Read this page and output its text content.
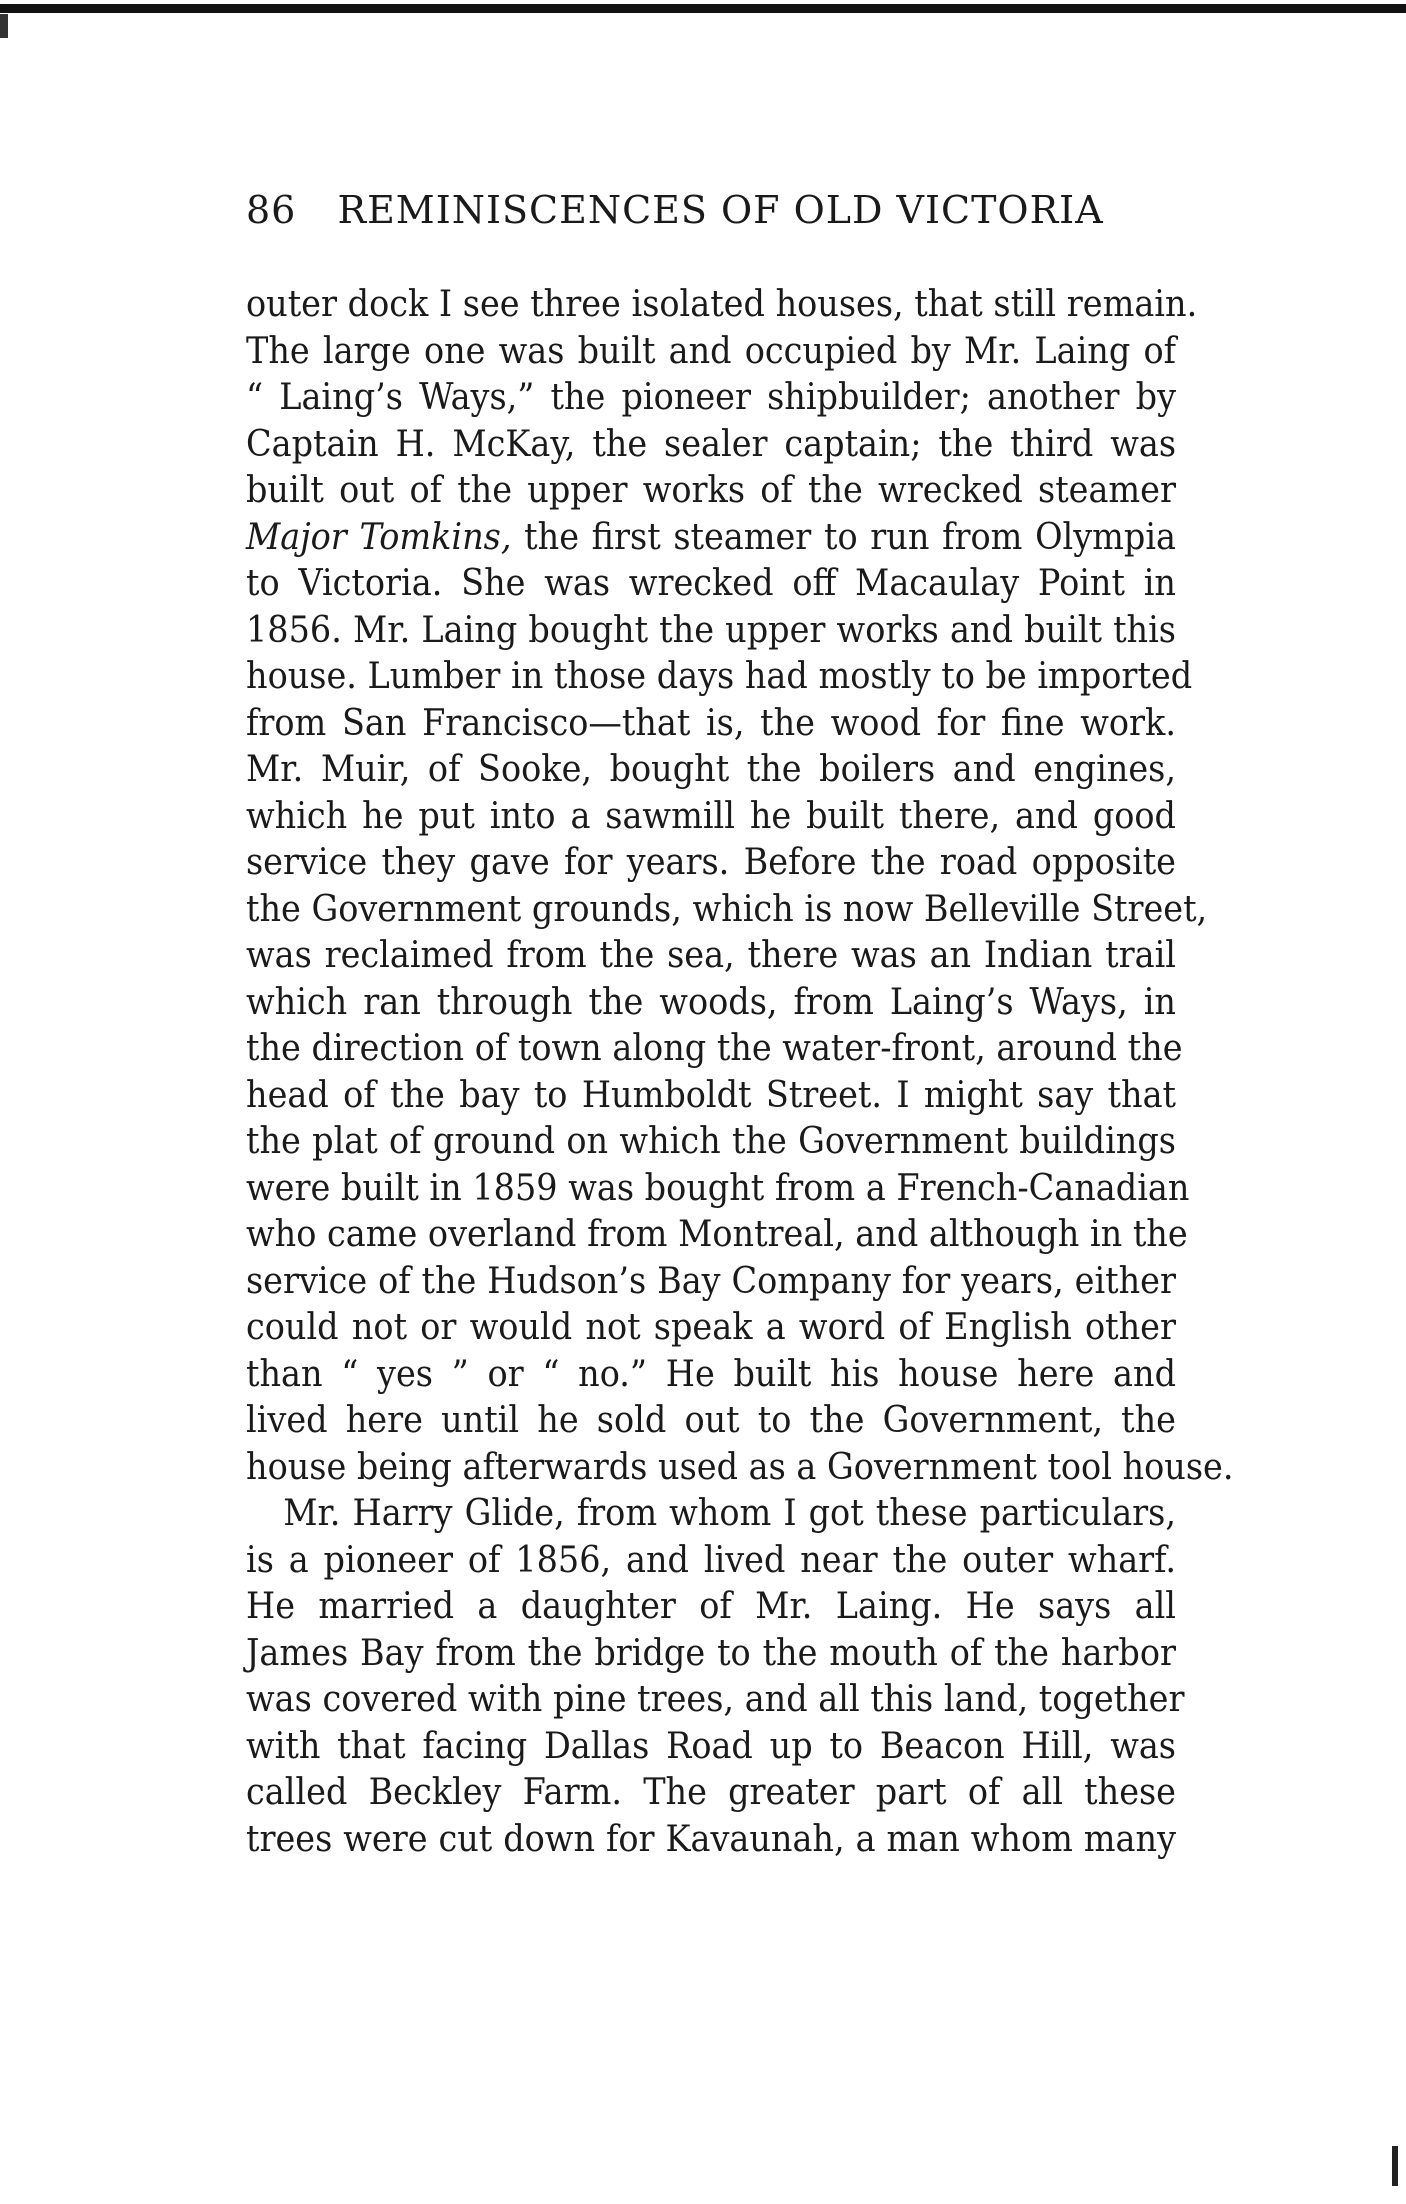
86 REMINISCENCES OF OLD VICTORIA
outer dock I see three isolated houses, that still remain.
The large one was built and occupied by Mr. Laing of
“ Laing’s Ways,” the pioneer shipbuilder; another by
Captain H. McKay, the sealer captain; the third was
built out of the upper works of the wrecked steamer
Major Tomkins, the first steamer to run from Olympia
to Victoria. She was wrecked off Macaulay Point in
1856. Mr. Laing bought the upper works and built this
house. Lumber in those days had mostly to be imported
from San Francisco—that is, the wood for fine work.
Mr. Muir, of Sooke, bought the boilers and engines,
which he put into a sawmill he built there, and good
service they gave for years. Before the road opposite
the Government grounds, which is now Belleville Street,
was reclaimed from the sea, there was an Indian trail
which ran through the woods, from Laing’s Ways, in
the direction of town along the water-front, around the
head of the bay to Humboldt Street. I might say that
the plat of ground on which the Government buildings
were built in 1859 was bought from a French-Canadian
who came overland from Montreal, and although in the
service of the Hudson’s Bay Company for years, either
could not or would not speak a word of English other
than “ yes ” or “ no.” He built his house here and
lived here until he sold out to the Government, the
house being afterwards used as a Government tool house.
Mr. Harry Glide, from whom I got these particulars,
is a pioneer of 1856, and lived near the outer wharf.
He married a daughter of Mr. Laing. He says all
James Bay from the bridge to the mouth of the harbor
was covered with pine trees, and all this land, together
with that facing Dallas Road up to Beacon Hill, was
called Beckley Farm. The greater part of all these
trees were cut down for Kavaunah, a man whom many
